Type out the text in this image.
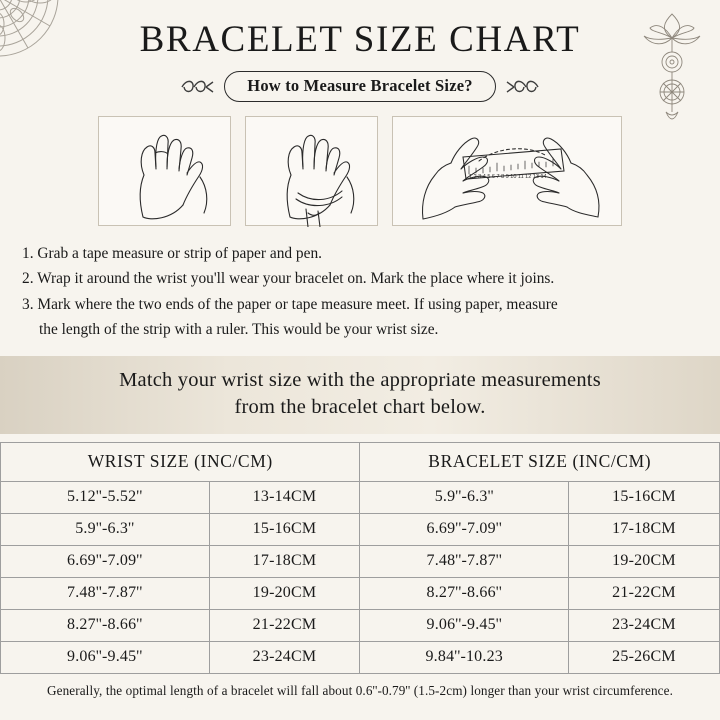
BRACELET SIZE CHART
How to Measure Bracelet Size?
1 2 3 4 5 6 7 8 9 10 11 12 13 14
1. Grab a tape measure or strip of paper and pen.
2. Wrap it around the wrist you'll wear your bracelet on. Mark the place where it joins.
3. Mark where the two ends of the paper or tape measure meet. If using paper, measure
the length of the strip with a ruler. This would be your wrist size.

Match your wrist size with the appropriate measurements

from the bracelet chart below.

WRIST SIZE (INC/CM)		BRACELET SIZE (INC/CM)	
5.12''-5.52''	13-14CM	5.9''-6.3''	15-16CM
5.9''-6.3''	15-16CM	6.69''-7.09''	17-18CM
6.69''-7.09''	17-18CM	7.48''-7.87''	19-20CM
7.48''-7.87''	19-20CM	8.27''-8.66''	21-22CM
8.27''-8.66''	21-22CM	9.06''-9.45''	23-24CM
9.06''-9.45''	23-24CM	9.84''-10.23	25-26CM
Generally, the optimal length of a bracelet will fall about 0.6''-0.79'' (1.5-2cm) longer than your wrist circumference.
